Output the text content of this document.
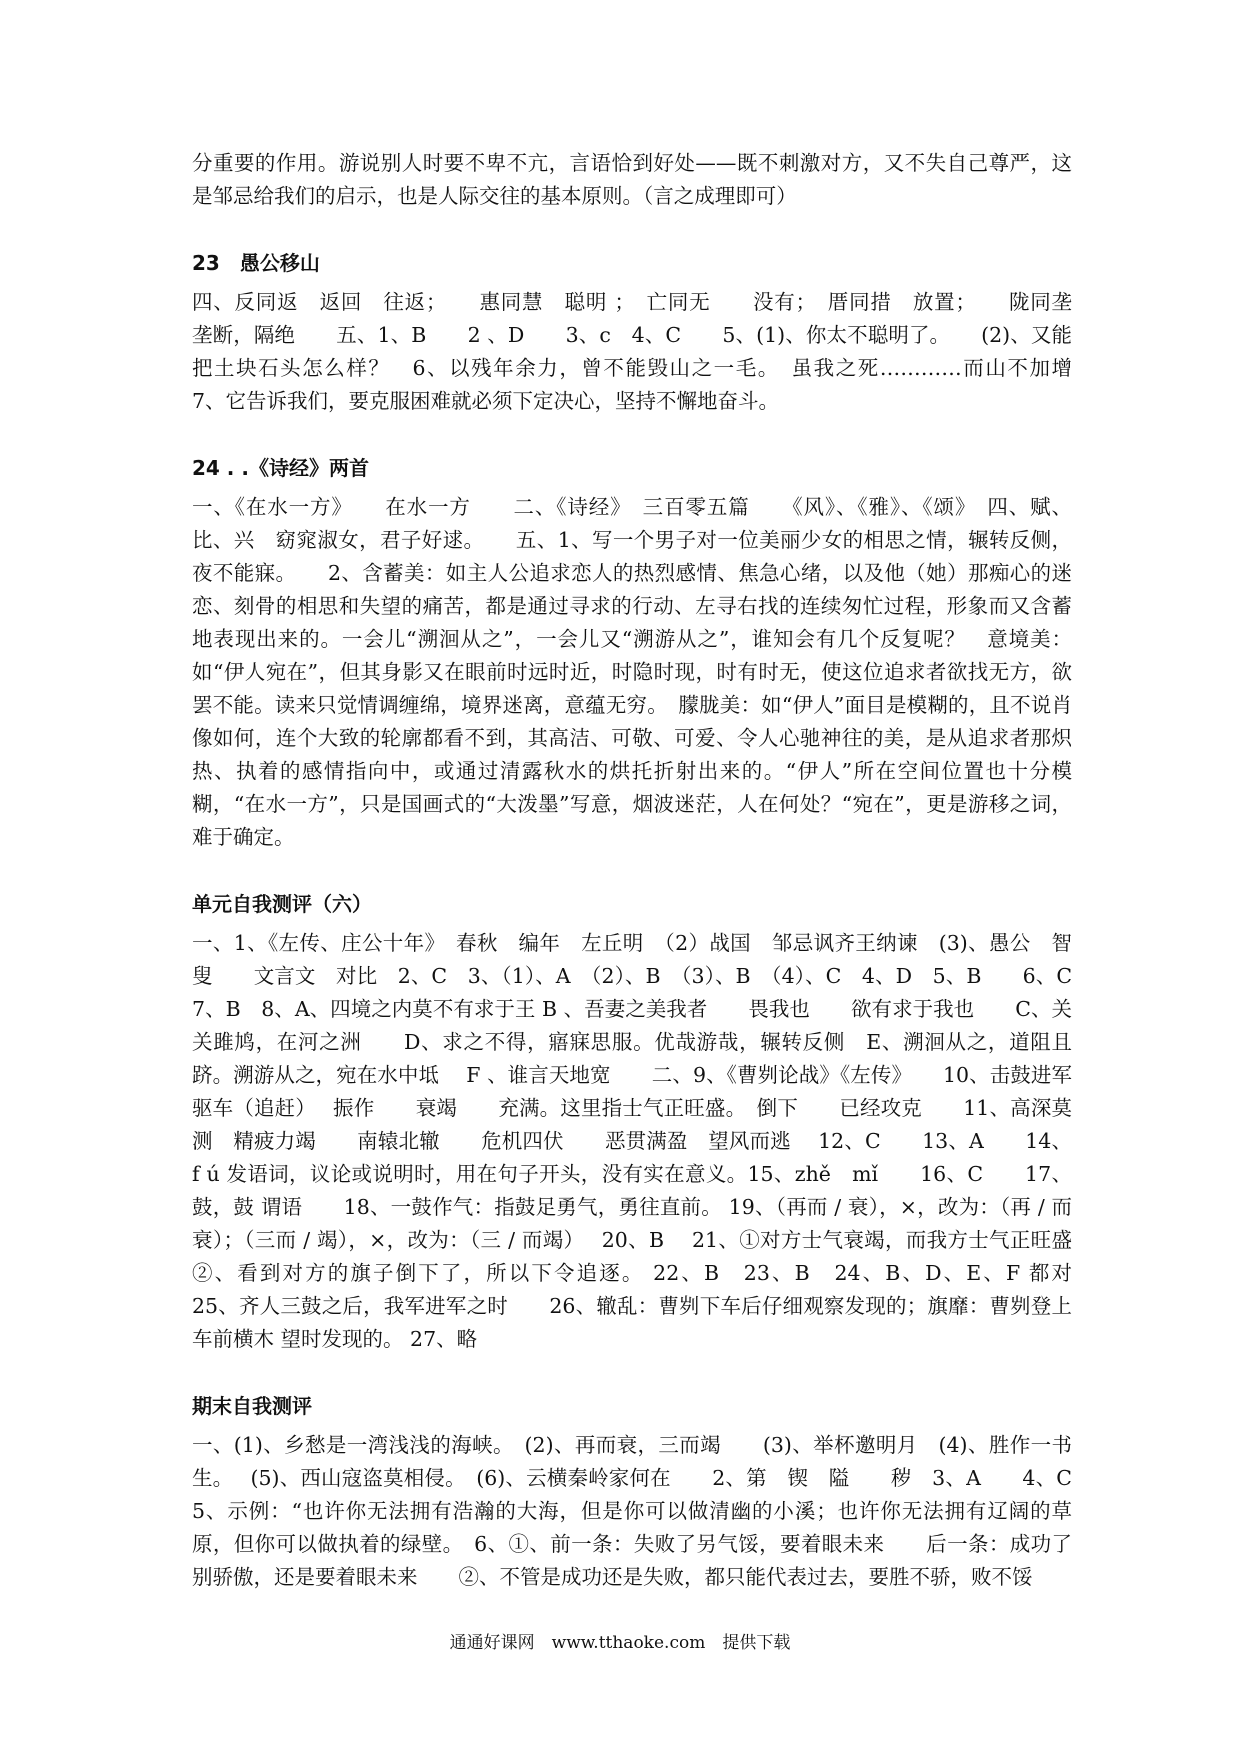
分重要的作用。游说别人时要不卑不亢，言语恰到好处——既不刺激对方，又不失自己尊严，这是邹忌给我们的启示，也是人际交往的基本原则。（言之成理即可）

23　愚公移山

四、反同返　返回　往返；　　惠同慧　聪明 ；　亡同无　　没有；　厝同措　放置；　　陇同垄　垄断，隔绝　　五、1、B　　2 、D　　3、c　4、C　　5、(1)、你太不聪明了。　　(2)、又能把土块石头怎么样？　6、以残年余力，曾不能毁山之一毛。　虽我之死…………而山不加增　　7、它告诉我们，要克服困难就必须下定决心，坚持不懈地奋斗。

24 . .《诗经》两首

一、《在水一方》　　在水一方　　二、《诗经》　三百零五篇　　《风》、《雅》、《颂》　四、赋、比、兴　窈窕淑女，君子好逑。　　五、1、写一个男子对一位美丽少女的相思之情，辗转反侧，夜不能寐。　　2、含蓄美：如主人公追求恋人的热烈感情、焦急心绪，以及他（她）那痴心的迷恋、刻骨的相思和失望的痛苦，都是通过寻求的行动、左寻右找的连续匆忙过程，形象而又含蓄地表现出来的。一会儿“溯洄从之”，一会儿又“溯游从之”，谁知会有几个反复呢？　意境美：如“伊人宛在”，但其身影又在眼前时远时近，时隐时现，时有时无，使这位追求者欲找无方，欲罢不能。读来只觉情调缠绵，境界迷离，意蕴无穷。　朦胧美：如“伊人”面目是模糊的，且不说肖像如何，连个大致的轮廓都看不到，其高洁、可敬、可爱、令人心驰神往的美，是从追求者那炽热、执着的感情指向中，或通过清露秋水的烘托折射出来的。“伊人”所在空间位置也十分模糊，“在水一方”，只是国画式的“大泼墨”写意，烟波迷茫，人在何处？“宛在”，更是游移之词，难于确定。

单元自我测评（六）

一、1、《左传、庄公十年》　春秋　编年　左丘明　（2）战国　邹忌讽齐王纳谏　(3)、愚公　智叟　　文言文　对比　2、C　3、（1）、A　（2）、B　（3）、B　（4）、C　4、D　5、B　　6、C　7、B　8、A、四境之内莫不有求于王 B 、吾妻之美我者　　畏我也　　欲有求于我也　　C、关关雎鸠，在河之洲　　D、求之不得，寤寐思服。优哉游哉，辗转反侧　E、溯洄从之，道阻且跻。溯游从之，宛在水中坻　 F 、谁言天地宽　　二、9、《曹刿论战》《左传》　　10、击鼓进军　 驱车（追赶）　 振作　　衰竭　　充满。这里指士气正旺盛。　倒下　　已经攻克　　11、高深莫测　精疲力竭　　南辕北辙　　危机四伏　　恶贯满盈　望风而逃　 12、C　　13、A　　14、f ú 发语词，议论或说明时，用在句子开头，没有实在意义。15、zhě　mǐ　　16、C　　17、鼓，鼓 谓语　　18、一鼓作气：指鼓足勇气，勇往直前。 19、（再而 / 衰），×，改为：（再 / 而衰）；（三而 / 竭），×，改为：（三 / 而竭）　 20、B　 21、①对方士气衰竭，而我方士气正旺盛　 ②、看到对方的旗子倒下了，所以下令追逐。 22、B　23、B　24、B、D、E、F 都对　　25、齐人三鼓之后，我军进军之时　　26、辙乱：曹刿下车后仔细观察发现的；旗靡：曹刿登上车前横木 望时发现的。 27、略

期末自我测评

一、(1)、乡愁是一湾浅浅的海峡。　(2)、再而衰，三而竭　　(3)、举杯邀明月　(4)、胜作一书生。　 (5)、西山寇盗莫相侵。　(6)、云横秦岭家何在　　2、第　锲　隘　　秽　3、A　　4、C　　5、示例：“也许你无法拥有浩瀚的大海，但是你可以做清幽的小溪；也许你无法拥有辽阔的草原，但你可以做执着的绿壁。　6、①、前一条：失败了另气馁，要着眼未来　　后一条：成功了别骄傲，还是要着眼未来　　②、不管是成功还是失败，都只能代表过去，要胜不骄，败不馁

通通好课网　www.tthaoke.com　提供下载
